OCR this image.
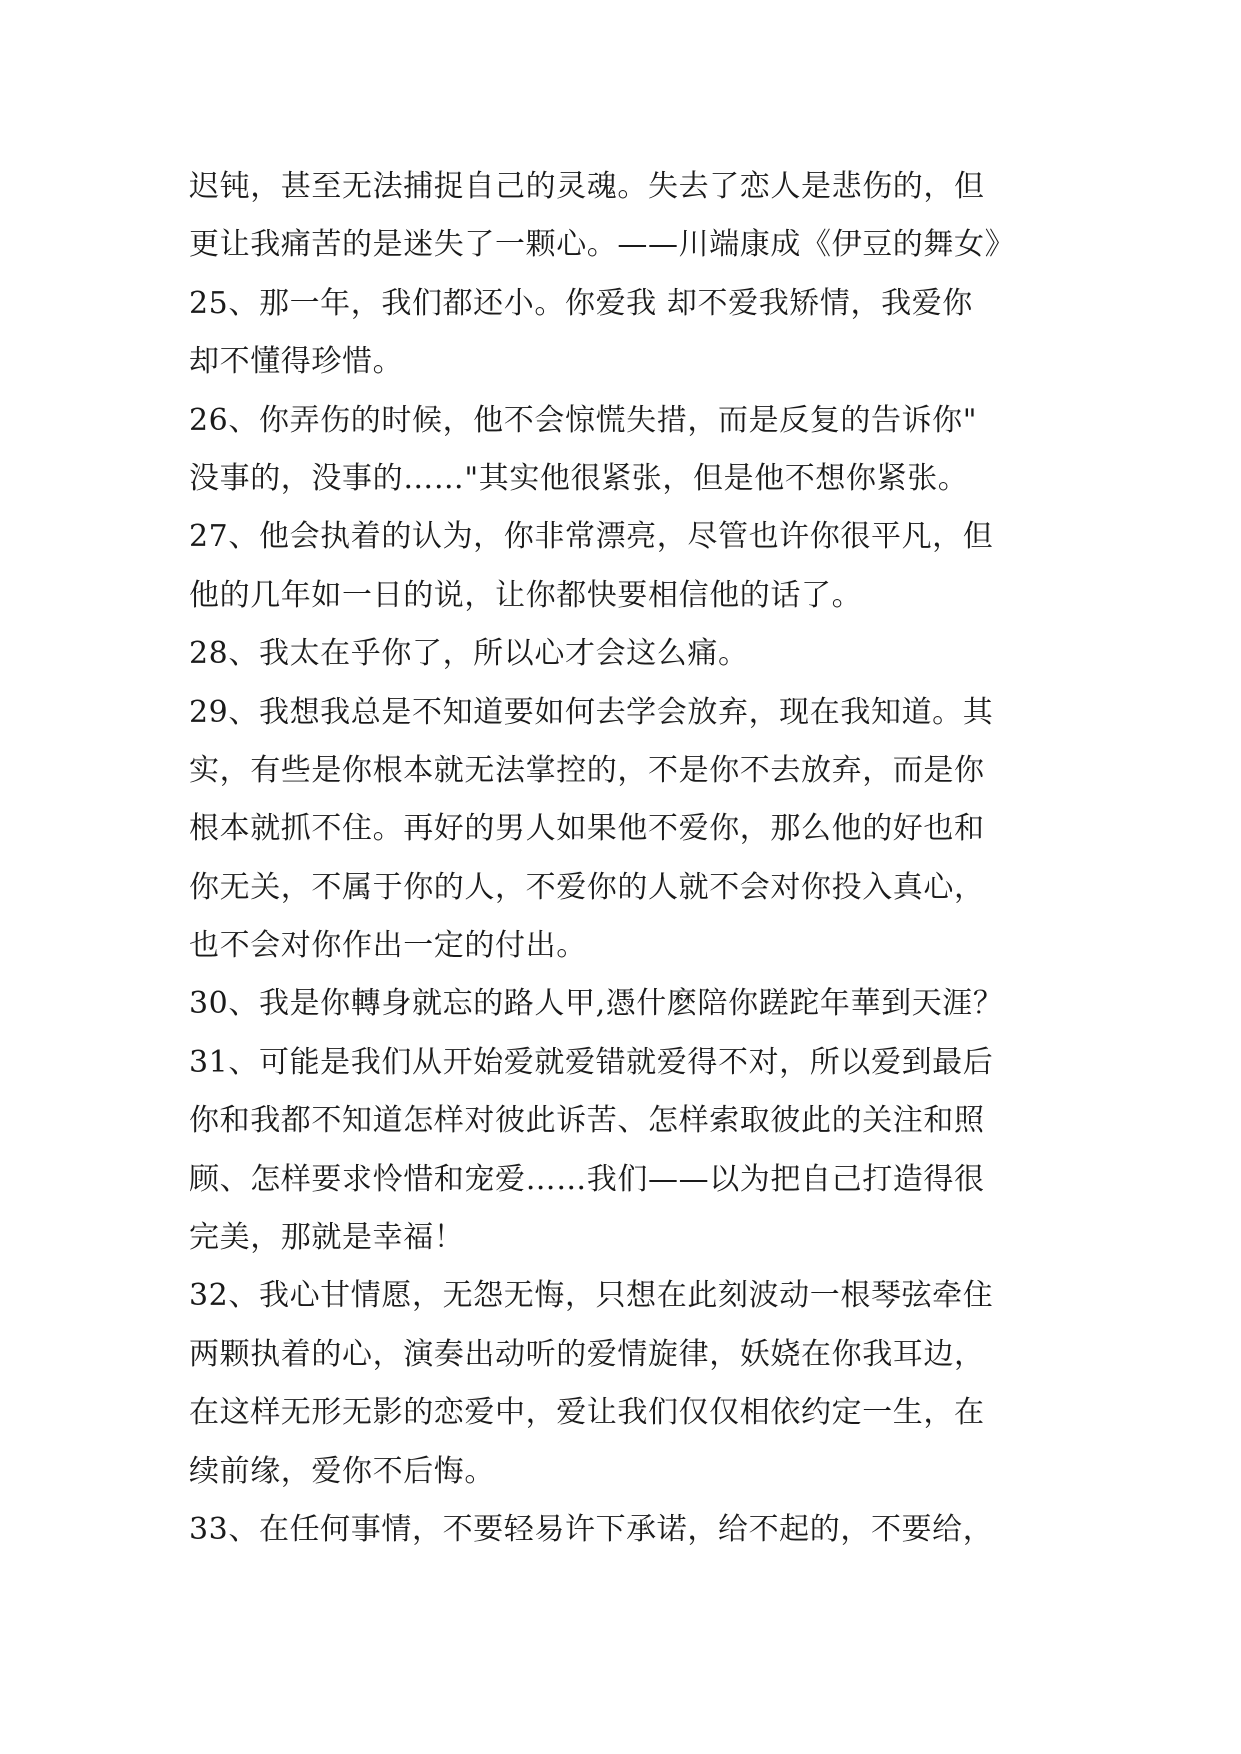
迟钝，甚至无法捕捉自己的灵魂。失去了恋人是悲伤的，但
更让我痛苦的是迷失了一颗心。——川端康成《伊豆的舞女》
25、那一年，我们都还小。你爱我 却不爱我矫情，我爱你
却不懂得珍惜。
26、你弄伤的时候，他不会惊慌失措，而是反复的告诉你"
没事的，没事的……"其实他很紧张，但是他不想你紧张。
27、他会执着的认为，你非常漂亮，尽管也许你很平凡，但
他的几年如一日的说，让你都快要相信他的话了。
28、我太在乎你了，所以心才会这么痛。
29、我想我总是不知道要如何去学会放弃，现在我知道。其
实，有些是你根本就无法掌控的，不是你不去放弃，而是你
根本就抓不住。再好的男人如果他不爱你，那么他的好也和
你无关，不属于你的人，不爱你的人就不会对你投入真心，
也不会对你作出一定的付出。
30、我是你轉身就忘的路人甲,憑什麽陪你蹉跎年華到天涯？
31、可能是我们从开始爱就爱错就爱得不对，所以爱到最后
你和我都不知道怎样对彼此诉苦、怎样索取彼此的关注和照
顾、怎样要求怜惜和宠爱……我们——以为把自己打造得很
完美，那就是幸福！
32、我心甘情愿，无怨无悔，只想在此刻波动一根琴弦牵住
两颗执着的心，演奏出动听的爱情旋律，妖娆在你我耳边，
在这样无形无影的恋爱中，爱让我们仅仅相依约定一生，在
续前缘，爱你不后悔。
33、在任何事情，不要轻易许下承诺，给不起的，不要给，
